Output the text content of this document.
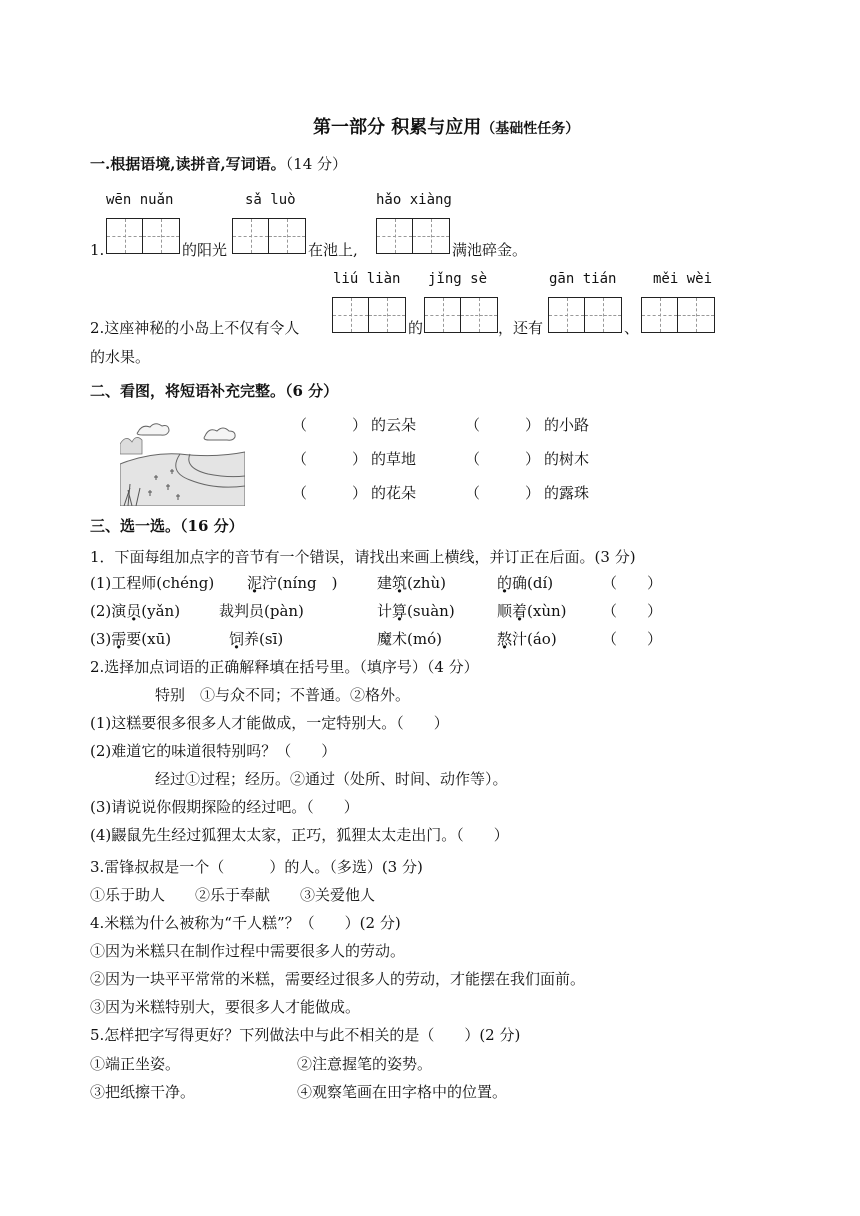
第一部分 积累与应用（基础性任务）
一.根据语境,读拼音,写词语。（14 分）
wēn nuǎn	sǎ luò	hǎo xiàng
1.	的阳光	在池上,	满池碎金。
liú liàn jǐng sè	gān tián	měi wèi
2.这座神秘的小岛上不仅有令人	的	，还有	、
的水果。
二、看图，将短语补充完整。（6 分）
（　　　） 的云朵	（　　　） 的小路
（　　　） 的草地	（　　　） 的树木
（　　　） 的花朵	（　　　） 的露珠
三、选一选。（16 分）
1．下面每组加点字的音节有一个错误，请找出来画上横线，并订正在后面。(3 分)
(1)工程师(chéng) 泥泞(níng　)	建筑(zhù)	的确(dí)	（　　）
(2)演员(yǎn)	裁判员(pàn)	计算(suàn)	顺着(xùn) （　　）
(3)需要(xū)	饲养(sī)	魔术(mó)	熬汁(áo)	（　　）
2.选择加点词语的正确解释填在括号里。（填序号）（4 分）
特别　①与众不同；不普通。②格外。
(1)这糕要很多很多人才能做成，一定特别大。（　　）
(2)难道它的味道很特别吗？（　　）
经过①过程；经历。②通过（处所、时间、动作等）。
(3)请说说你假期探险的经过吧。（　　）
(4)鼹鼠先生经过狐狸太太家，正巧，狐狸太太走出门。（　　）
3.雷锋叔叔是一个（　　　）的人。（多选）(3 分)
①乐于助人　　②乐于奉献　　③关爱他人
4.米糕为什么被称为“千人糕”？（　　）(2 分)
①因为米糕只在制作过程中需要很多人的劳动。
②因为一块平平常常的米糕，需要经过很多人的劳动，才能摆在我们面前。
③因为米糕特别大，要很多人才能做成。
5.怎样把字写得更好？下列做法中与此不相关的是（　　）(2 分)
①端正坐姿。	②注意握笔的姿势。
③把纸擦干净。	④观察笔画在田字格中的位置。
